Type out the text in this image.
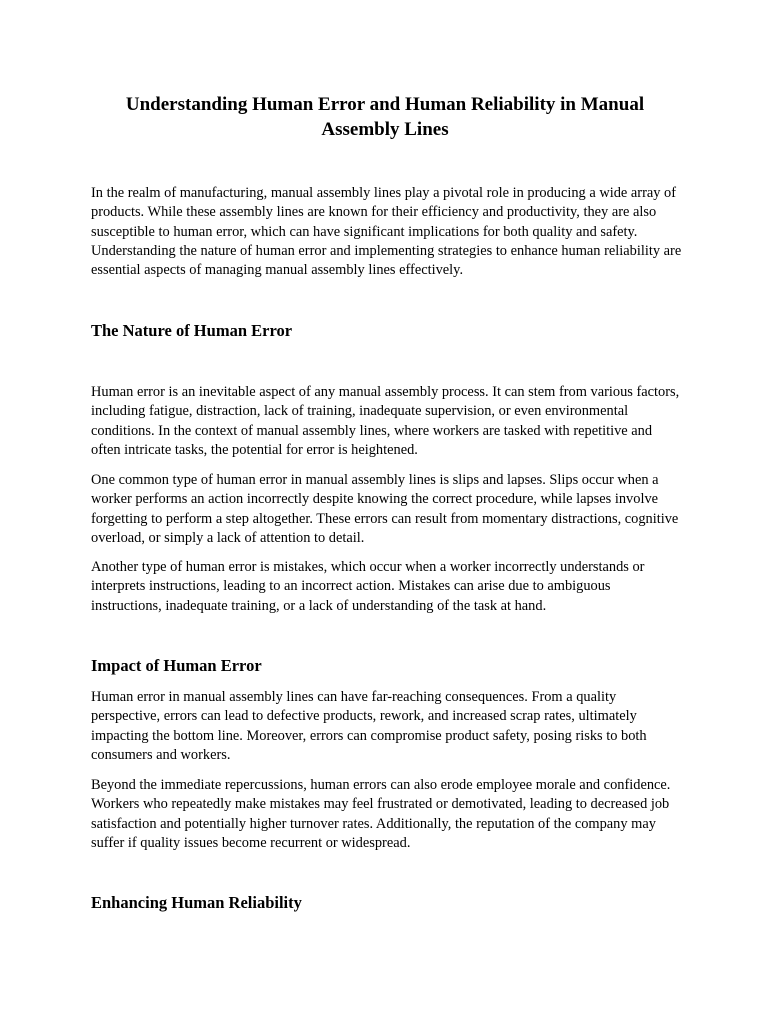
Understanding Human Error and Human Reliability in Manual Assembly Lines

In the realm of manufacturing, manual assembly lines play a pivotal role in producing a wide array of products. While these assembly lines are known for their efficiency and productivity, they are also susceptible to human error, which can have significant implications for both quality and safety. Understanding the nature of human error and implementing strategies to enhance human reliability are essential aspects of managing manual assembly lines effectively.

The Nature of Human Error

Human error is an inevitable aspect of any manual assembly process. It can stem from various factors, including fatigue, distraction, lack of training, inadequate supervision, or even environmental conditions. In the context of manual assembly lines, where workers are tasked with repetitive and often intricate tasks, the potential for error is heightened.

One common type of human error in manual assembly lines is slips and lapses. Slips occur when a worker performs an action incorrectly despite knowing the correct procedure, while lapses involve forgetting to perform a step altogether. These errors can result from momentary distractions, cognitive overload, or simply a lack of attention to detail.

Another type of human error is mistakes, which occur when a worker incorrectly understands or interprets instructions, leading to an incorrect action. Mistakes can arise due to ambiguous instructions, inadequate training, or a lack of understanding of the task at hand.

Impact of Human Error

Human error in manual assembly lines can have far-reaching consequences. From a quality perspective, errors can lead to defective products, rework, and increased scrap rates, ultimately impacting the bottom line. Moreover, errors can compromise product safety, posing risks to both consumers and workers.

Beyond the immediate repercussions, human errors can also erode employee morale and confidence. Workers who repeatedly make mistakes may feel frustrated or demotivated, leading to decreased job satisfaction and potentially higher turnover rates. Additionally, the reputation of the company may suffer if quality issues become recurrent or widespread.

Enhancing Human Reliability
